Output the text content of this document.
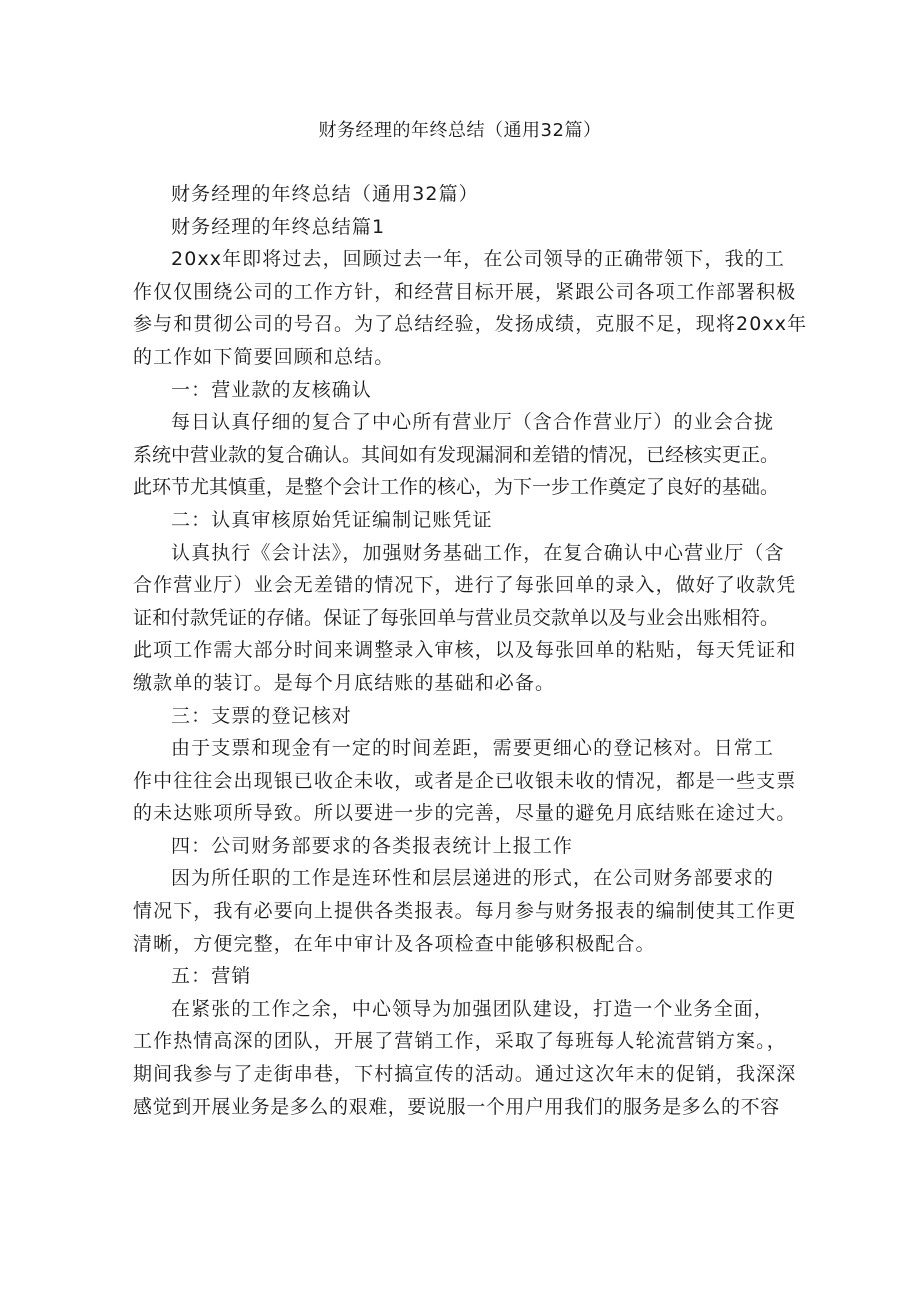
财务经理的年终总结（通用32篇）

财务经理的年终总结（通用32篇）

财务经理的年终总结篇1

20xx年即将过去，回顾过去一年，在公司领导的正确带领下，我的工

作仅仅围绕公司的工作方针，和经营目标开展，紧跟公司各项工作部署积极

参与和贯彻公司的号召。为了总结经验，发扬成绩，克服不足，现将20xx年

的工作如下简要回顾和总结。

一：营业款的友核确认

每日认真仔细的复合了中心所有营业厅（含合作营业厅）的业会合拢

系统中营业款的复合确认。其间如有发现漏洞和差错的情况，已经核实更正。

此环节尤其慎重，是整个会计工作的核心，为下一步工作奠定了良好的基础。

二：认真审核原始凭证编制记账凭证

认真执行《会计法》，加强财务基础工作，在复合确认中心营业厅（含

合作营业厅）业会无差错的情况下，进行了每张回单的录入，做好了收款凭

证和付款凭证的存储。保证了每张回单与营业员交款单以及与业会出账相符。

此项工作需大部分时间来调整录入审核，以及每张回单的粘贴，每天凭证和

缴款单的装订。是每个月底结账的基础和必备。

三：支票的登记核对

由于支票和现金有一定的时间差距，需要更细心的登记核对。日常工

作中往往会出现银已收企未收，或者是企已收银未收的情况，都是一些支票

的未达账项所导致。所以要进一步的完善，尽量的避免月底结账在途过大。

四：公司财务部要求的各类报表统计上报工作

因为所任职的工作是连环性和层层递进的形式，在公司财务部要求的

情况下，我有必要向上提供各类报表。每月参与财务报表的编制使其工作更

清晰，方便完整，在年中审计及各项检查中能够积极配合。

五：营销

在紧张的工作之余，中心领导为加强团队建设，打造一个业务全面，

工作热情高深的团队，开展了营销工作，采取了每班每人轮流营销方案。，

期间我参与了走街串巷，下村搞宣传的活动。通过这次年末的促销，我深深

感觉到开展业务是多么的艰难，要说服一个用户用我们的服务是多么的不容
